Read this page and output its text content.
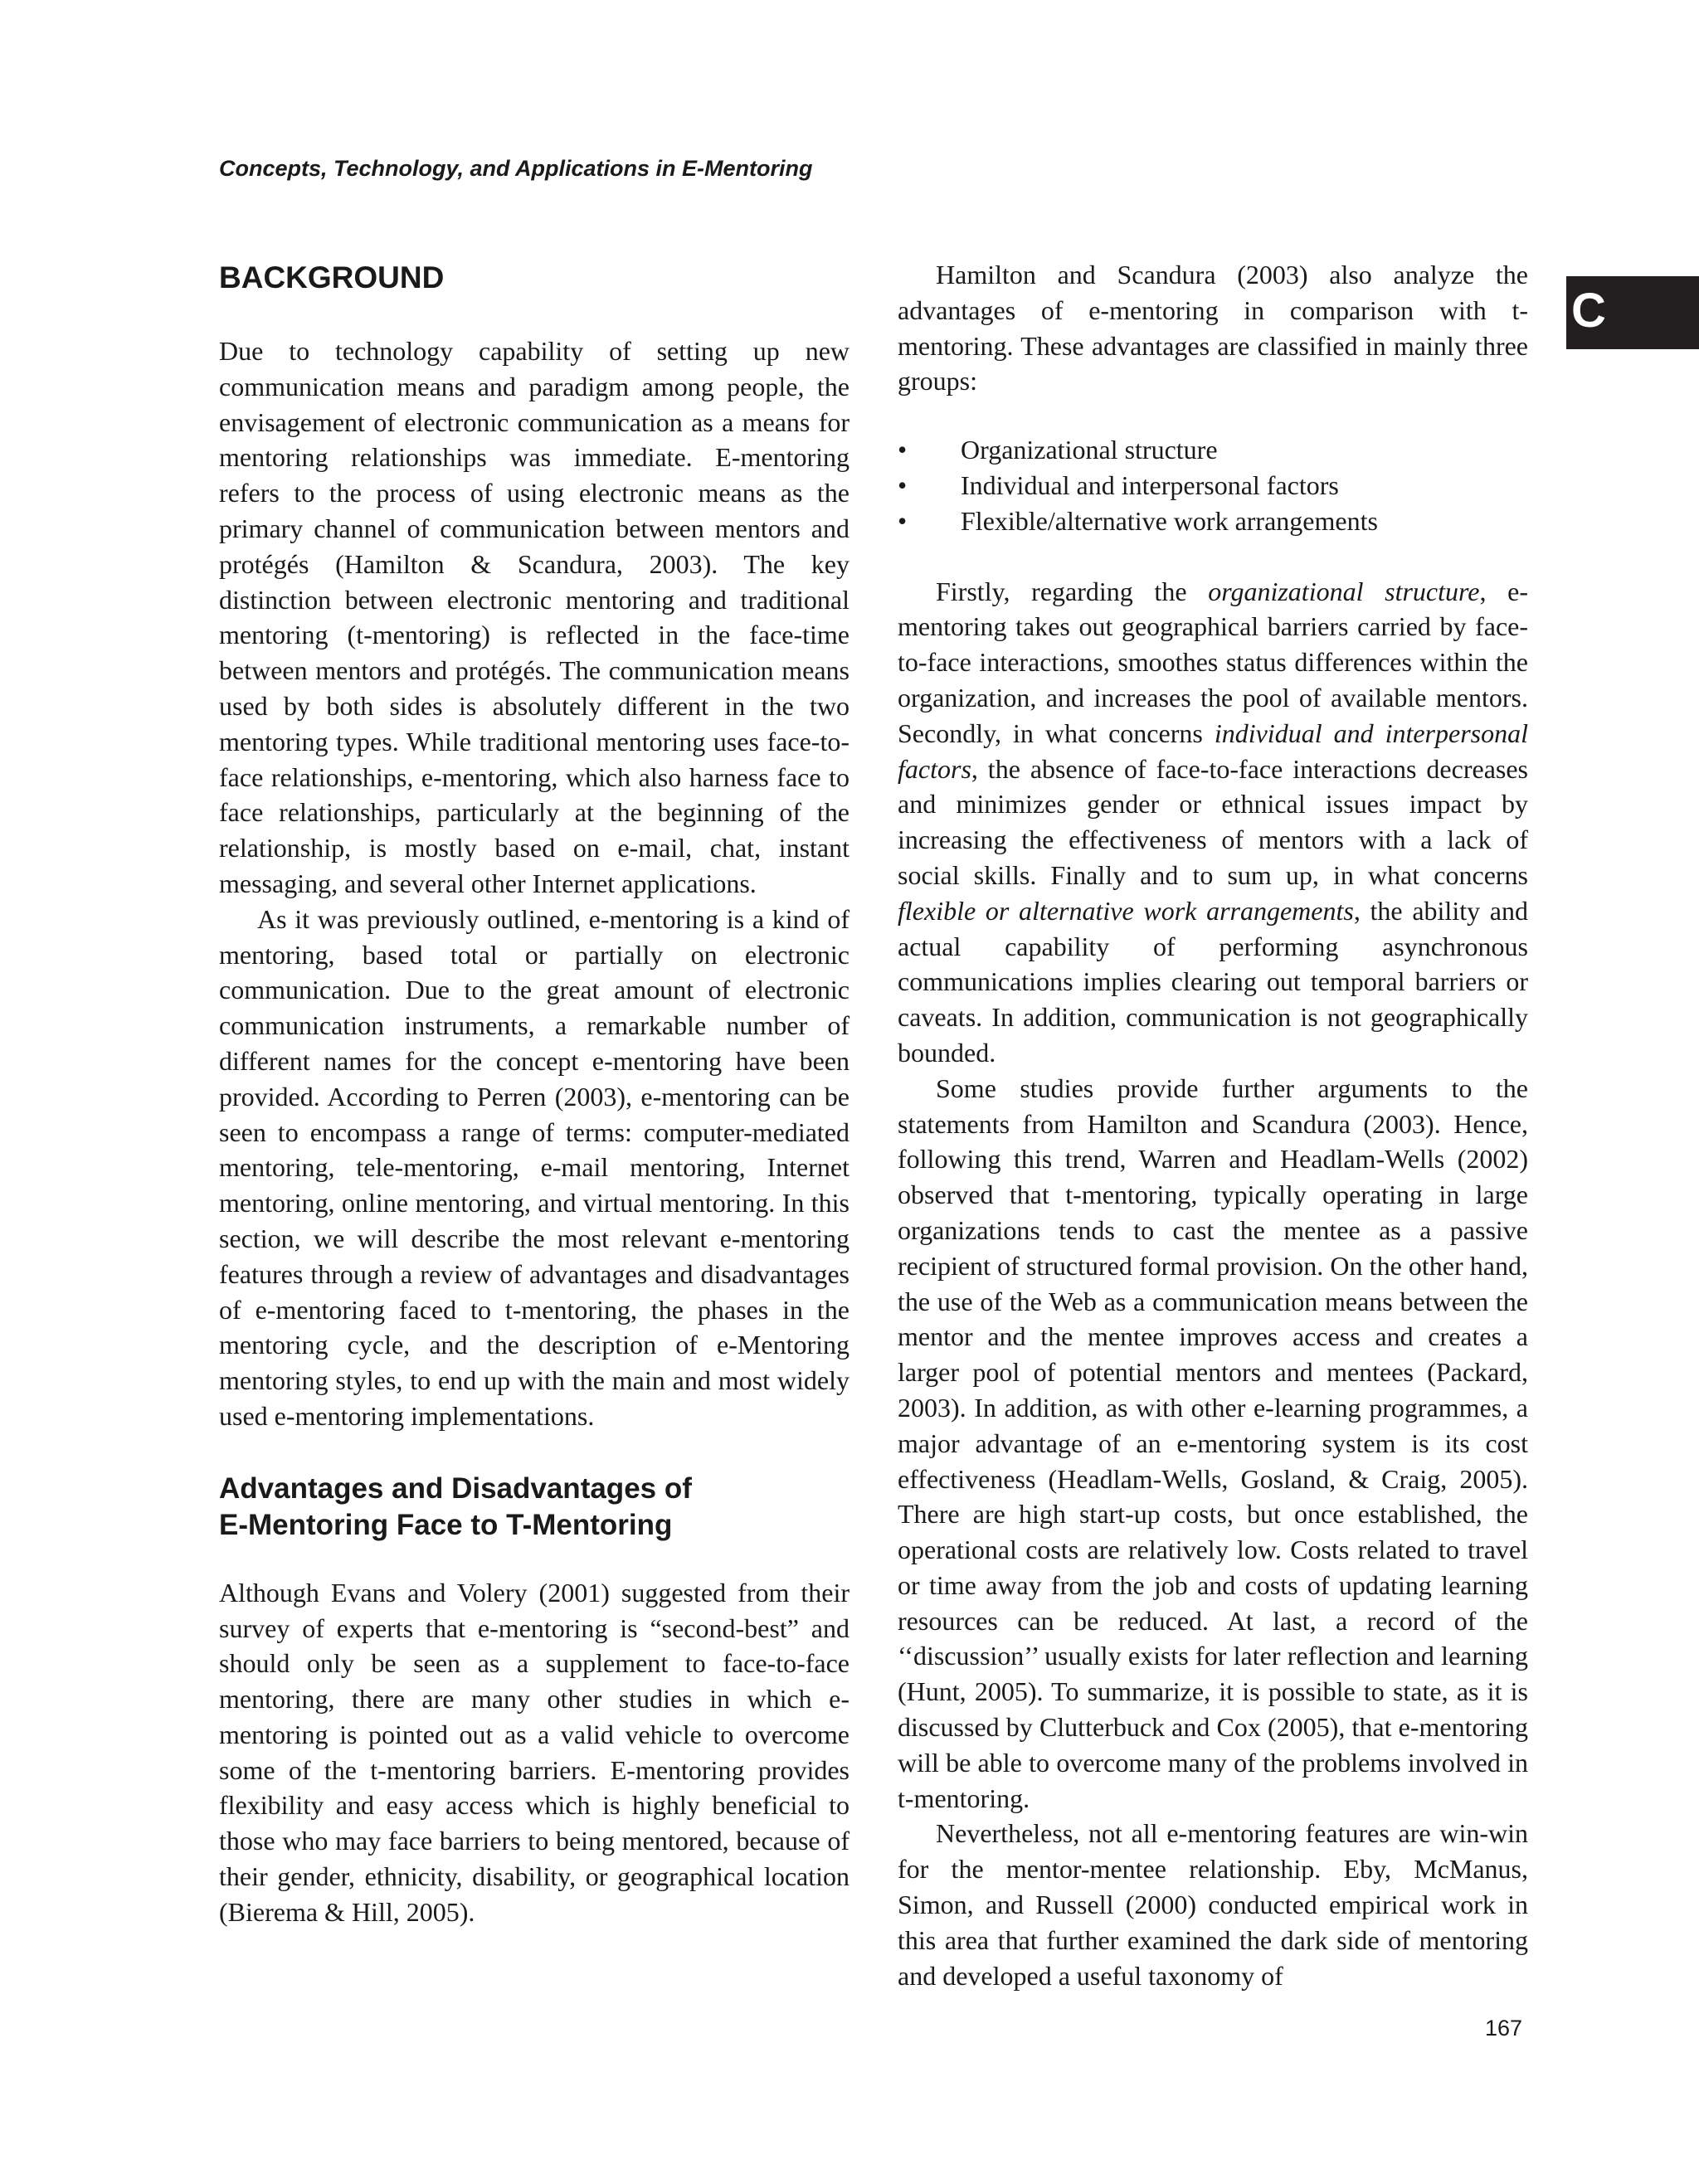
Concepts, Technology, and Applications in E-Mentoring
C
BACKGROUND

Due to technology capability of setting up new communication means and paradigm among people, the envisagement of electronic communication as a means for mentoring relationships was immediate. E-mentoring refers to the process of using electronic means as the primary channel of communication between mentors and protégés (Hamilton & Scandura, 2003). The key distinction between electronic mentoring and traditional mentoring (t-mentoring) is reflected in the face-time between mentors and protégés. The communication means used by both sides is absolutely different in the two mentoring types. While traditional mentoring uses face-to-face relationships, e-mentoring, which also harness face to face relationships, particularly at the beginning of the relationship, is mostly based on e-mail, chat, instant messaging, and several other Internet applications.

As it was previously outlined, e-mentoring is a kind of mentoring, based total or partially on electronic communication. Due to the great amount of electronic communication instruments, a remarkable number of different names for the concept e-mentoring have been provided. According to Perren (2003), e-mentoring can be seen to encompass a range of terms: computer-mediated mentoring, tele-mentoring, e-mail mentoring, Internet mentoring, online mentoring, and virtual mentoring. In this section, we will describe the most relevant e-mentoring features through a review of advantages and disadvantages of e-mentoring faced to t-mentoring, the phases in the mentoring cycle, and the description of e-Mentoring mentoring styles, to end up with the main and most widely used e-mentoring implementations.

Advantages and Disadvantages of
E-Mentoring Face to T-Mentoring

Although Evans and Volery (2001) suggested from their survey of experts that e-mentoring is “second-best” and should only be seen as a supplement to face-to-face mentoring, there are many other studies in which e-mentoring is pointed out as a valid vehicle to overcome some of the t-mentoring barriers. E-mentoring provides flexibility and easy access which is highly beneficial to those who may face barriers to being mentored, because of their gender, ethnicity, disability, or geographical location (Bierema & Hill, 2005).

Hamilton and Scandura (2003) also analyze the advantages of e-mentoring in comparison with t-mentoring. These advantages are classified in mainly three groups:

• Organizational structure
• Individual and interpersonal factors
• Flexible/alternative work arrangements

Firstly, regarding the organizational structure, e-mentoring takes out geographical barriers carried by face-to-face interactions, smoothes status differences within the organization, and increases the pool of available mentors. Secondly, in what concerns individual and interpersonal factors, the absence of face-to-face interactions decreases and minimizes gender or ethnical issues impact by increasing the effectiveness of mentors with a lack of social skills. Finally and to sum up, in what concerns flexible or alternative work arrangements, the ability and actual capability of performing asynchronous communications implies clearing out temporal barriers or caveats. In addition, communication is not geographically bounded.

Some studies provide further arguments to the statements from Hamilton and Scandura (2003). Hence, following this trend, Warren and Headlam-Wells (2002) observed that t-mentoring, typically operating in large organizations tends to cast the mentee as a passive recipient of structured formal provision. On the other hand, the use of the Web as a communication means between the mentor and the mentee improves access and creates a larger pool of potential mentors and mentees (Packard, 2003). In addition, as with other e-learning programmes, a major advantage of an e-mentoring system is its cost effectiveness (Headlam-Wells, Gosland, & Craig, 2005). There are high start-up costs, but once established, the operational costs are relatively low. Costs related to travel or time away from the job and costs of updating learning resources can be reduced. At last, a record of the ‘‘discussion’’ usually exists for later reflection and learning (Hunt, 2005). To summarize, it is possible to state, as it is discussed by Clutterbuck and Cox (2005), that e-mentoring will be able to overcome many of the problems involved in t-mentoring.

Nevertheless, not all e-mentoring features are win-win for the mentor-mentee relationship. Eby, McManus, Simon, and Russell (2000) conducted empirical work in this area that further examined the dark side of mentoring and developed a useful taxonomy of

167
